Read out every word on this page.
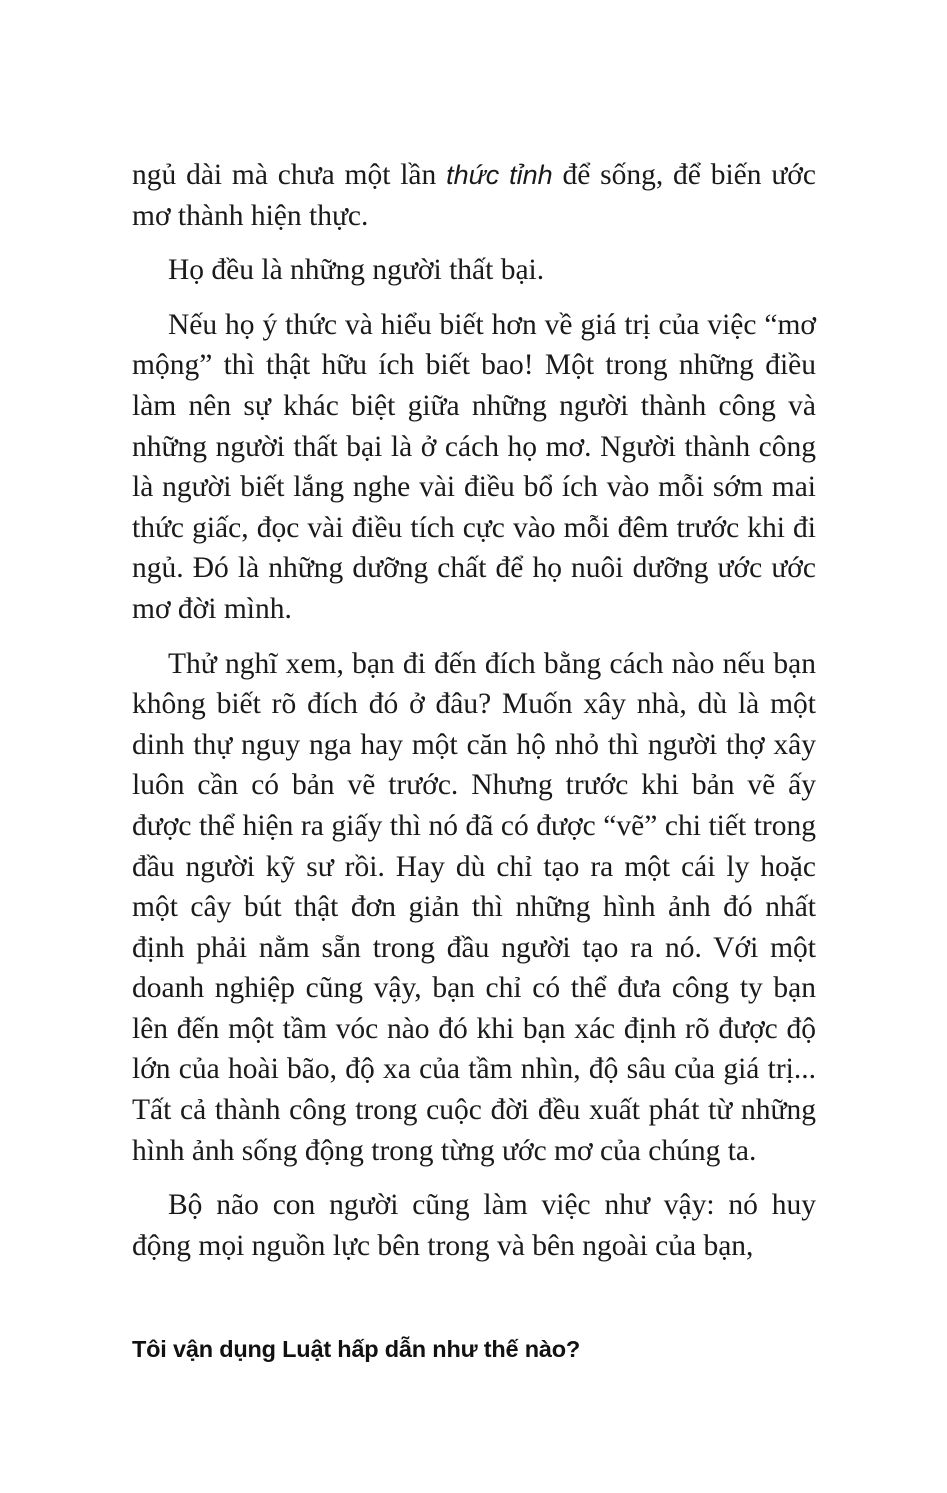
ngủ dài mà chưa một lần thức tỉnh để sống, để biến ước mơ thành hiện thực.

Họ đều là những người thất bại.

Nếu họ ý thức và hiểu biết hơn về giá trị của việc “mơ mộng” thì thật hữu ích biết bao! Một trong những điều làm nên sự khác biệt giữa những người thành công và những người thất bại là ở cách họ mơ. Người thành công là người biết lắng nghe vài điều bổ ích vào mỗi sớm mai thức giấc, đọc vài điều tích cực vào mỗi đêm trước khi đi ngủ. Đó là những dưỡng chất để họ nuôi dưỡng ước ước mơ đời mình.

Thử nghĩ xem, bạn đi đến đích bằng cách nào nếu bạn không biết rõ đích đó ở đâu? Muốn xây nhà, dù là một dinh thự nguy nga hay một căn hộ nhỏ thì người thợ xây luôn cần có bản vẽ trước. Nhưng trước khi bản vẽ ấy được thể hiện ra giấy thì nó đã có được “vẽ” chi tiết trong đầu người kỹ sư rồi. Hay dù chỉ tạo ra một cái ly hoặc một cây bút thật đơn giản thì những hình ảnh đó nhất định phải nằm sẵn trong đầu người tạo ra nó. Với một doanh nghiệp cũng vậy, bạn chỉ có thể đưa công ty bạn lên đến một tầm vóc nào đó khi bạn xác định rõ được độ lớn của hoài bão, độ xa của tầm nhìn, độ sâu của giá trị... Tất cả thành công trong cuộc đời đều xuất phát từ những hình ảnh sống động trong từng ước mơ của chúng ta.

Bộ não con người cũng làm việc như vậy: nó huy động mọi nguồn lực bên trong và bên ngoài của bạn,

Tôi vận dụng Luật hấp dẫn như thế nào?
